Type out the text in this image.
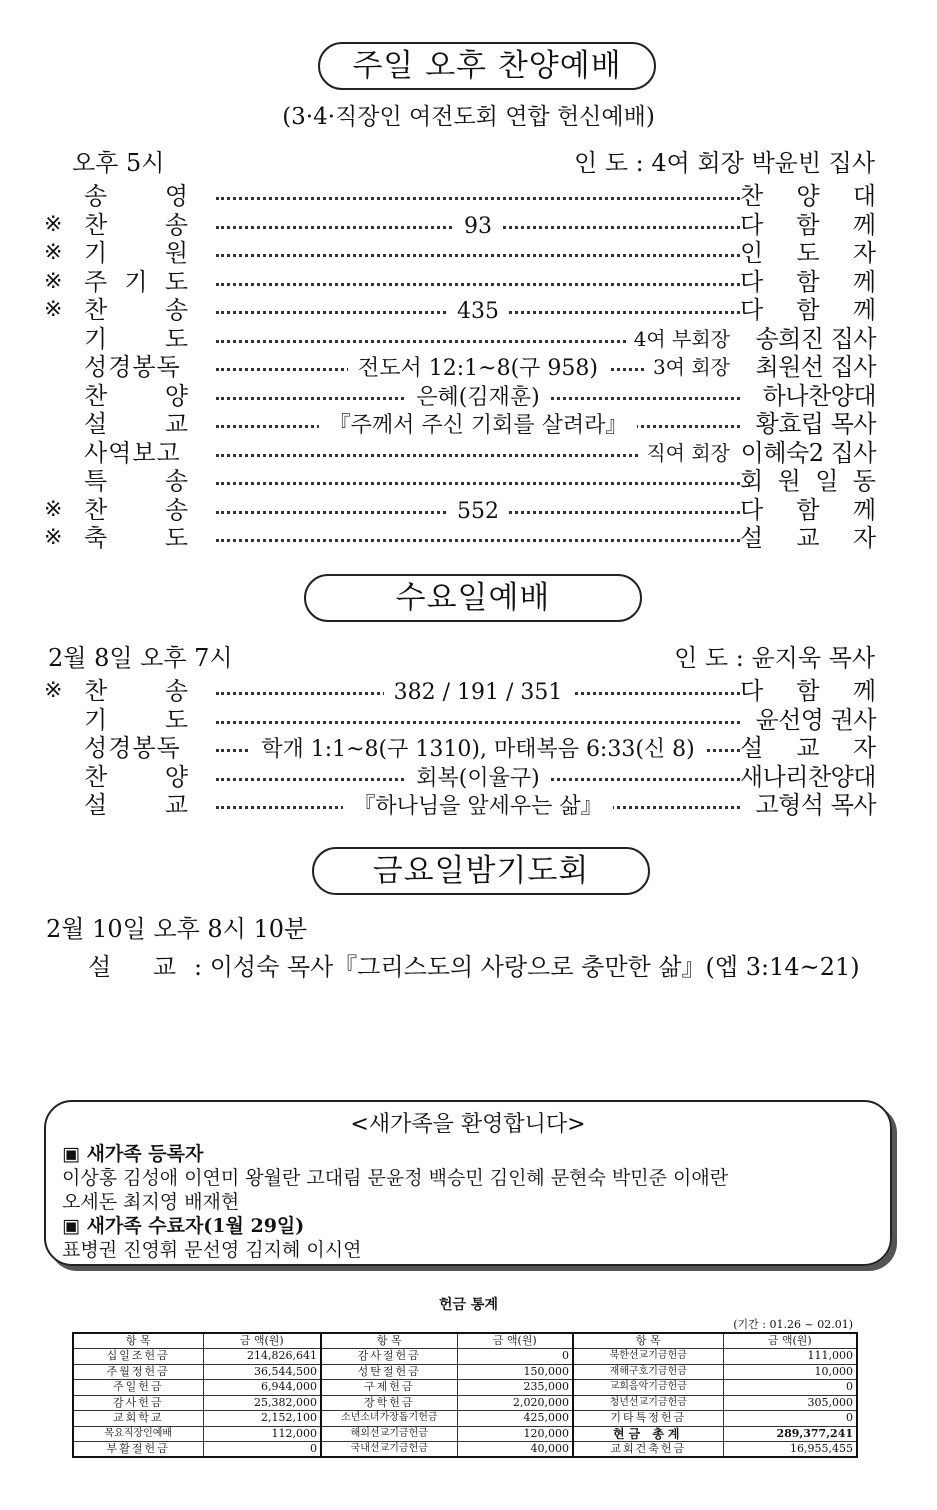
주일 오후 찬양예배
(3·4·직장인 여전도회 연합 헌신예배)
오후 5시	인 도 : 4여 회장 박윤빈 집사
송 영	찬 양 대
※ 찬 송	93	다 함 께
※ 기 원	인 도 자
※ 주 기 도	다 함 께
※ 찬 송	435	다 함 께
기 도	4여 부회장 송희진 집사
성경봉독	전도서 12:1~8(구 958)	3여 회장 최원선 집사
찬 양	은혜(김재훈)	하나찬양대
설 교	『주께서 주신 기회를 살려라』	황효립 목사
사역보고	직여 회장 이혜숙2 집사
특 송	회 원 일 동
※ 찬 송	552	다 함 께
※ 축 도	설 교 자
수요일예배
2월 8일 오후 7시	인 도 : 윤지욱 목사
※ 찬 송	382 / 191 / 351	다 함 께
기 도	윤선영 권사
성경봉독	학개 1:1~8(구 1310), 마태복음 6:33(신 8)	설 교 자
찬 양	회복(이율구)	새나리찬양대
설 교	『하나님을 앞세우는 삶』	고형석 목사
금요일밤기도회
2월 10일 오후 8시 10분
설 교 : 이성숙 목사『그리스도의 사랑으로 충만한 삶』(엡 3:14~21)
<새가족을 환영합니다>
▣ 새가족 등록자
이상홍 김성애 이연미 왕월란 고대림 문윤정 백승민 김인혜 문현숙 박민준 이애란
오세돈 최지영 배재현
▣ 새가족 수료자(1월 29일)
표병권 진영휘 문선영 김지혜 이시연
헌금 통계
(기간 : 01.26 ~ 02.01)
항 목	금 액(원)	항 목	금 액(원)	항 목	금 액(원)
십일조헌금	214,826,641	감사절헌금	0	북한선교기금헌금	111,000
주월정헌금	36,544,500	성탄절헌금	150,000	재해구호기금헌금	10,000
주일헌금	6,944,000	구제헌금	235,000	교회음악기금헌금	0
감사헌금	25,382,000	장학헌금	2,020,000	청년선교기금헌금	305,000
교회학교	2,152,100	소년소녀가장돕기헌금	425,000	기타특정헌금	0
목요직장인예배	112,000	해외선교기금헌금	120,000	현금 총계	289,377,241
부활절헌금	0	국내선교기금헌금	40,000	교회건축헌금	16,955,455
